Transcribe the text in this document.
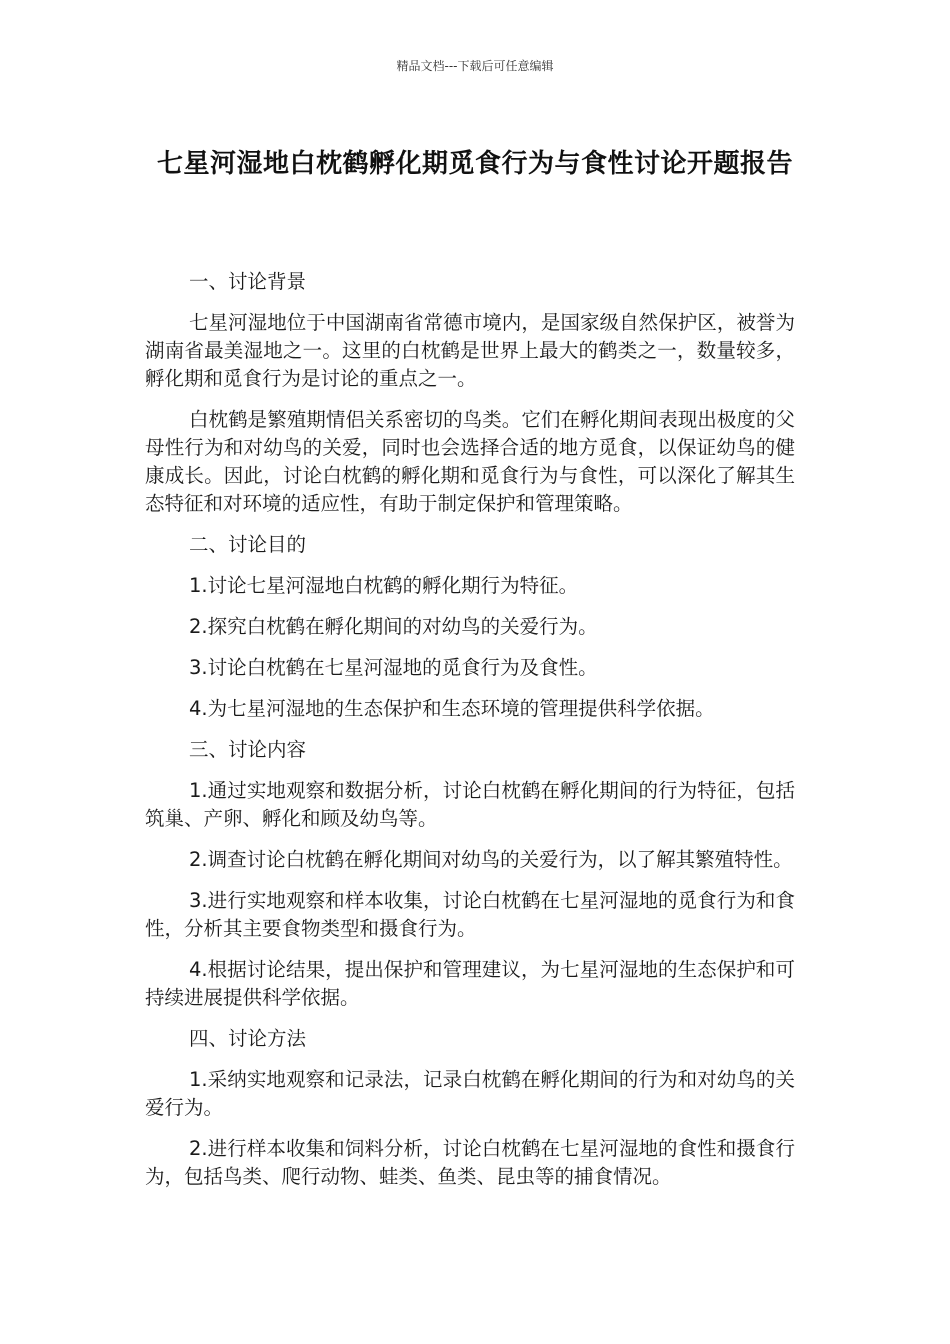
精品文档---下载后可任意编辑
七星河湿地白枕鹤孵化期觅食行为与食性讨论开题报告

一、讨论背景

七星河湿地位于中国湖南省常德市境内，是国家级自然保护区，被誉为湖南省最美湿地之一。这里的白枕鹤是世界上最大的鹤类之一，数量较多，孵化期和觅食行为是讨论的重点之一。

白枕鹤是繁殖期情侣关系密切的鸟类。它们在孵化期间表现出极度的父母性行为和对幼鸟的关爱，同时也会选择合适的地方觅食，以保证幼鸟的健康成长。因此，讨论白枕鹤的孵化期和觅食行为与食性，可以深化了解其生态特征和对环境的适应性，有助于制定保护和管理策略。

二、讨论目的

1.讨论七星河湿地白枕鹤的孵化期行为特征。

2.探究白枕鹤在孵化期间的对幼鸟的关爱行为。

3.讨论白枕鹤在七星河湿地的觅食行为及食性。

4.为七星河湿地的生态保护和生态环境的管理提供科学依据。

三、讨论内容

1.通过实地观察和数据分析，讨论白枕鹤在孵化期间的行为特征，包括筑巢、产卵、孵化和顾及幼鸟等。

2.调查讨论白枕鹤在孵化期间对幼鸟的关爱行为，以了解其繁殖特性。

3.进行实地观察和样本收集，讨论白枕鹤在七星河湿地的觅食行为和食性，分析其主要食物类型和摄食行为。

4.根据讨论结果，提出保护和管理建议，为七星河湿地的生态保护和可持续进展提供科学依据。

四、讨论方法

1.采纳实地观察和记录法，记录白枕鹤在孵化期间的行为和对幼鸟的关爱行为。

2.进行样本收集和饲料分析，讨论白枕鹤在七星河湿地的食性和摄食行为，包括鸟类、爬行动物、蛙类、鱼类、昆虫等的捕食情况。
